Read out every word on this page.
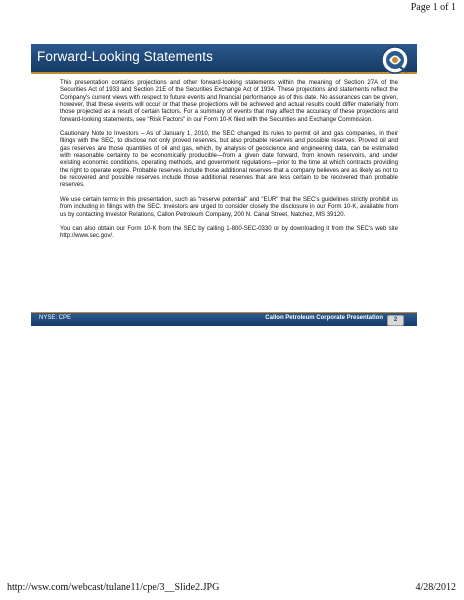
Page 1 of 1
Forward-Looking Statements

This presentation contains projections and other forward-looking statements within the meaning of Section 27A of the Securities Act of 1933 and Section 21E of the Securities Exchange Act of 1934. These projections and statements reflect the Company's current views with respect to future events and financial performance as of this date. No assurances can be given, however, that these events will occur or that these projections will be achieved and actual results could differ materially from those projected as a result of certain factors. For a summary of events that may affect the accuracy of these projections and forward-looking statements, see "Risk Factors" in our Form 10-K filed with the Securities and Exchange Commission.

Cautionary Note to Investors – As of January 1, 2010, the SEC changed its rules to permit oil and gas companies, in their filings with the SEC, to disclose not only proved reserves, but also probable reserves and possible reserves. Proved oil and gas reserves are those quantities of oil and gas, which, by analysis of geoscience and engineering data, can be estimated with reasonable certainty to be economically producible—from a given date forward, from known reservoirs, and under existing economic conditions, operating methods, and government regulations—prior to the time at which contracts providing the right to operate expire. Probable reserves include those additional reserves that a company believes are as likely as not to be recovered and possible reserves include those additional reserves that are less certain to be recovered than probable reserves.

We use certain terms in this presentation, such as "reserve potential" and "EUR" that the SEC's guidelines strictly prohibit us from including in filings with the SEC. Investors are urged to consider closely the disclosure in our Form 10-K, available from us by contacting Investor Relations, Callon Petroleum Company, 200 N. Canal Street, Natchez, MS 39120.

You can also obtain our Form 10-K from the SEC by calling 1-800-SEC-0330 or by downloading it from the SEC's web site http://www.sec.gov/.

NYSE: CPE	Callon Petroleum Corporate Presentation	2
http://wsw.com/webcast/tulane11/cpe/3__Slide2.JPG	4/28/2012
